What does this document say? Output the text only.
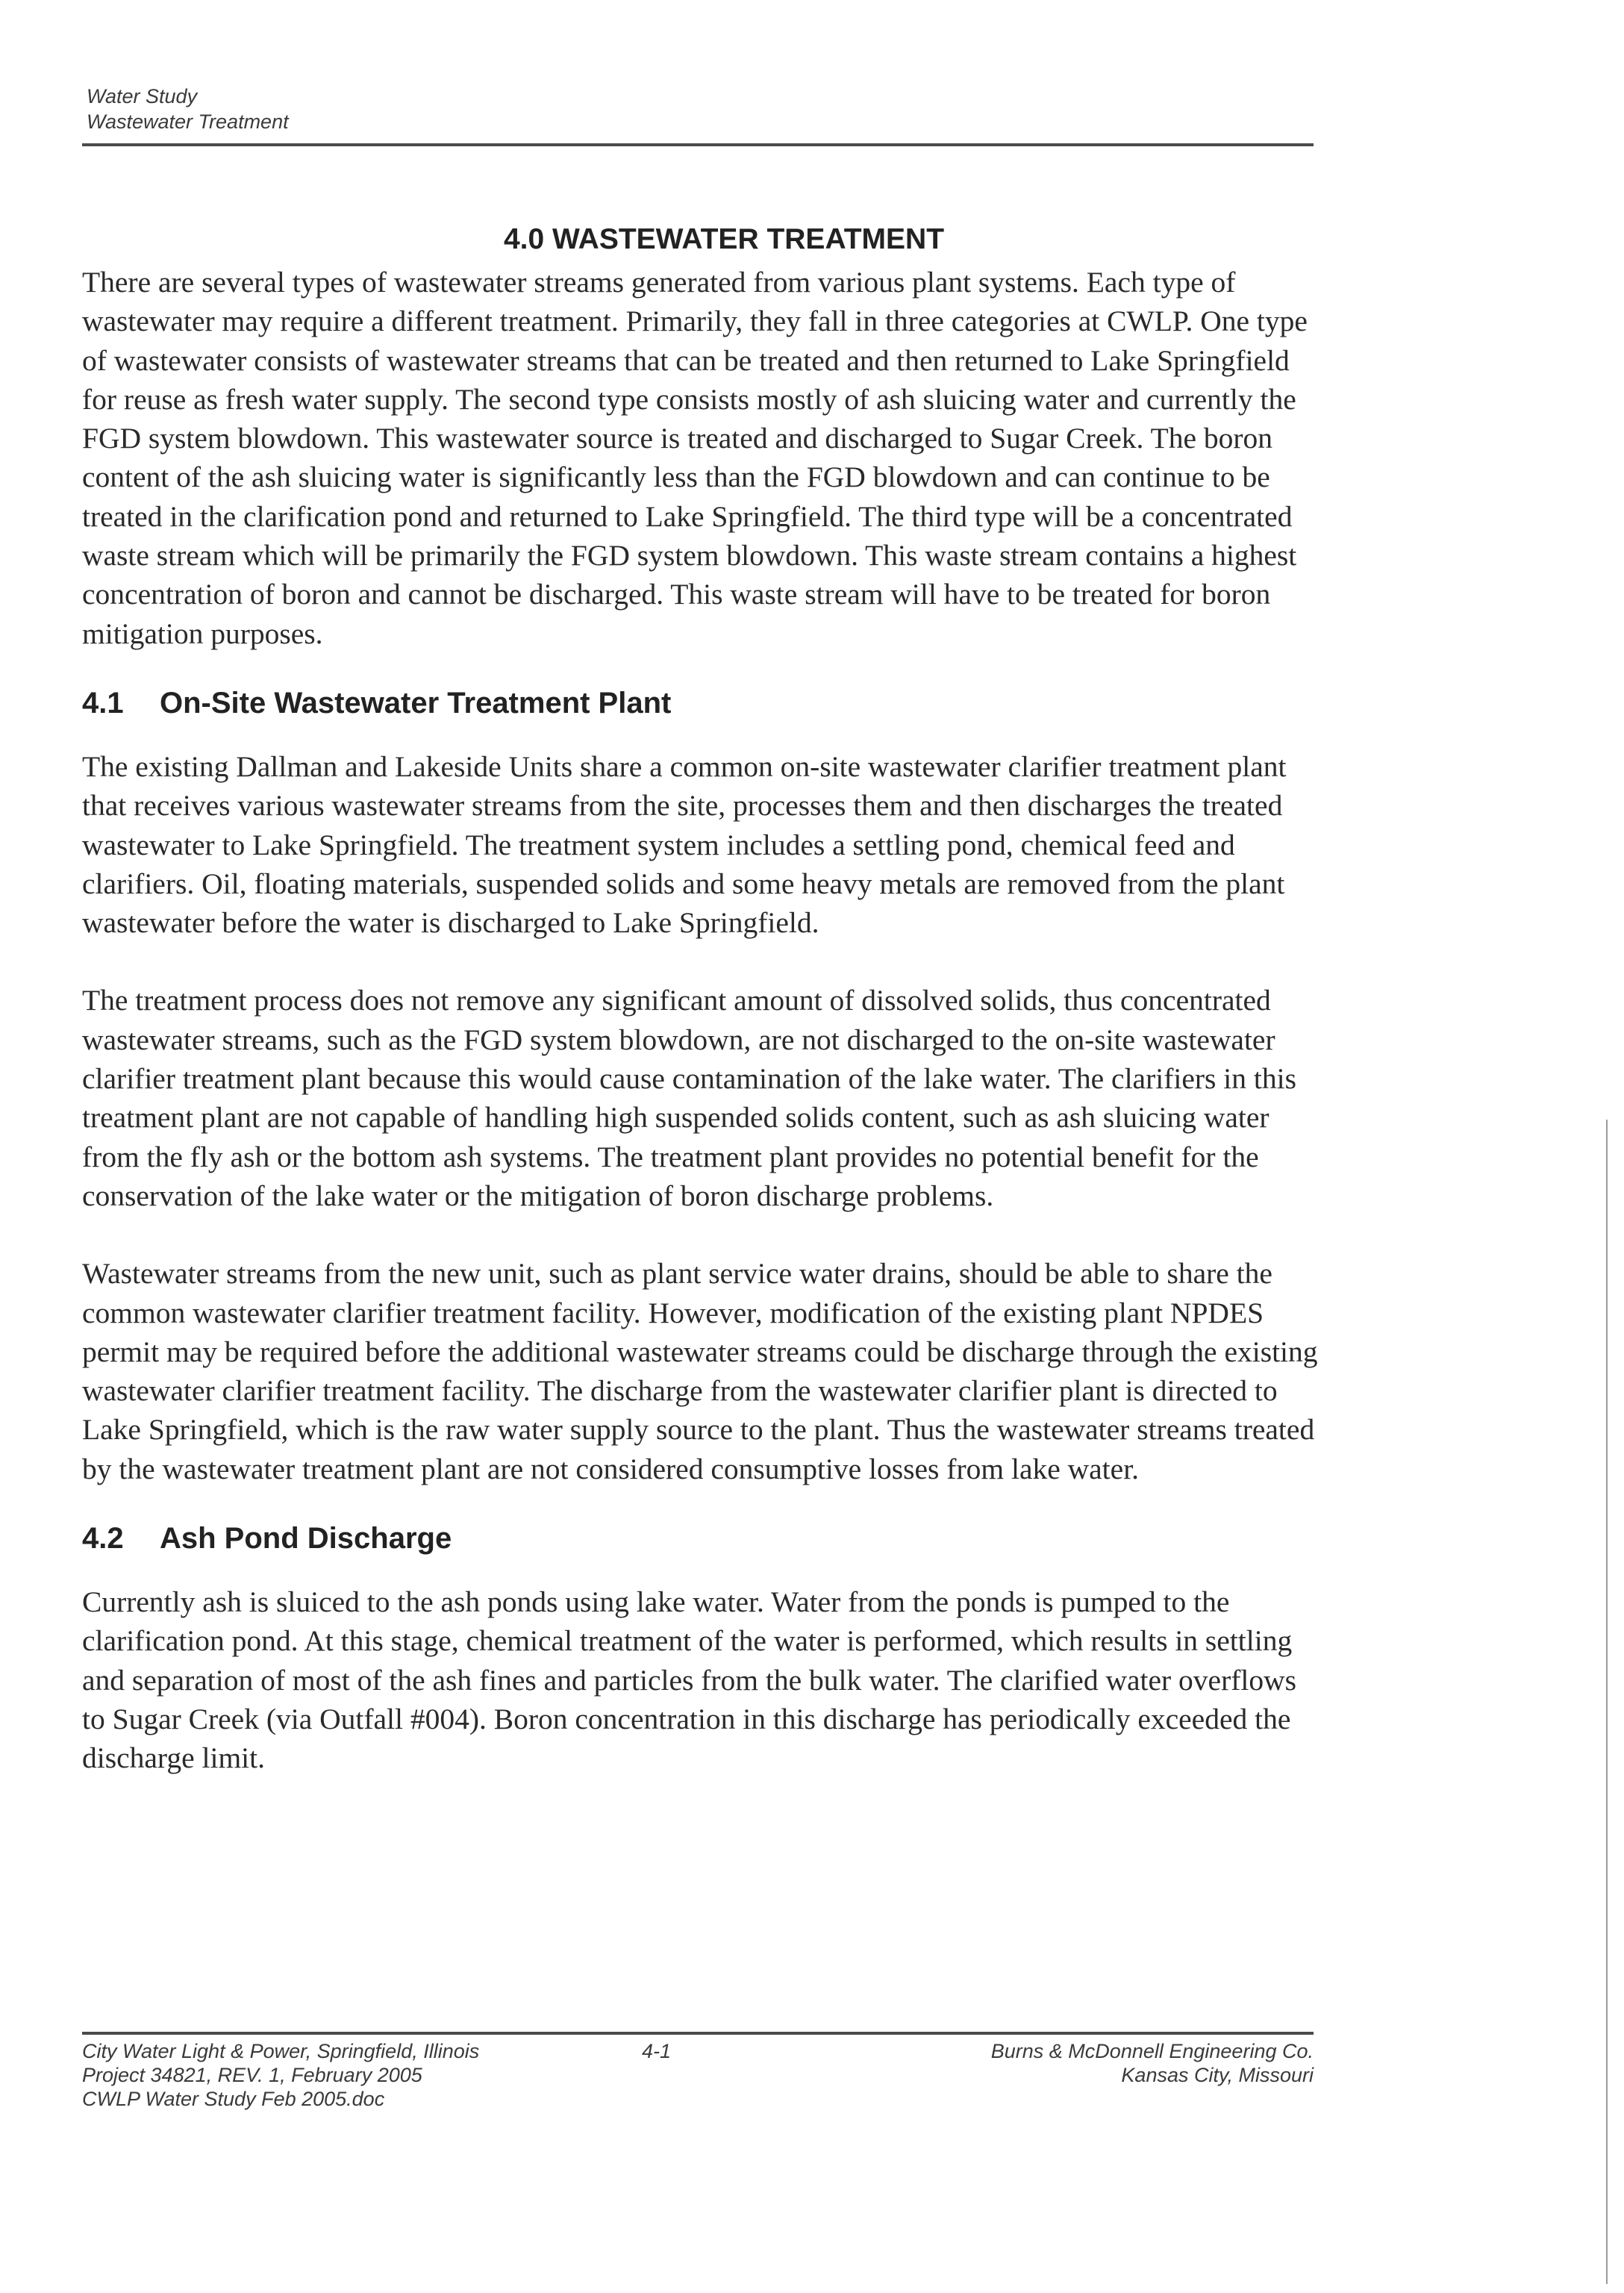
Water Study
Wastewater Treatment
4.0 WASTEWATER TREATMENT

There are several types of wastewater streams generated from various plant systems. Each type of wastewater may require a different treatment. Primarily, they fall in three categories at CWLP. One type of wastewater consists of wastewater streams that can be treated and then returned to Lake Springfield for reuse as fresh water supply. The second type consists mostly of ash sluicing water and currently the FGD system blowdown. This wastewater source is treated and discharged to Sugar Creek. The boron content of the ash sluicing water is significantly less than the FGD blowdown and can continue to be treated in the clarification pond and returned to Lake Springfield. The third type will be a concentrated waste stream which will be primarily the FGD system blowdown. This waste stream contains a highest concentration of boron and cannot be discharged. This waste stream will have to be treated for boron mitigation purposes.

4.1 On-Site Wastewater Treatment Plant

The existing Dallman and Lakeside Units share a common on-site wastewater clarifier treatment plant that receives various wastewater streams from the site, processes them and then discharges the treated wastewater to Lake Springfield. The treatment system includes a settling pond, chemical feed and clarifiers. Oil, floating materials, suspended solids and some heavy metals are removed from the plant wastewater before the water is discharged to Lake Springfield.

The treatment process does not remove any significant amount of dissolved solids, thus concentrated wastewater streams, such as the FGD system blowdown, are not discharged to the on-site wastewater clarifier treatment plant because this would cause contamination of the lake water. The clarifiers in this treatment plant are not capable of handling high suspended solids content, such as ash sluicing water from the fly ash or the bottom ash systems. The treatment plant provides no potential benefit for the conservation of the lake water or the mitigation of boron discharge problems.

Wastewater streams from the new unit, such as plant service water drains, should be able to share the common wastewater clarifier treatment facility. However, modification of the existing plant NPDES permit may be required before the additional wastewater streams could be discharge through the existing wastewater clarifier treatment facility. The discharge from the wastewater clarifier plant is directed to Lake Springfield, which is the raw water supply source to the plant. Thus the wastewater streams treated by the wastewater treatment plant are not considered consumptive losses from lake water.

4.2 Ash Pond Discharge

Currently ash is sluiced to the ash ponds using lake water. Water from the ponds is pumped to the clarification pond. At this stage, chemical treatment of the water is performed, which results in settling and separation of most of the ash fines and particles from the bulk water. The clarified water overflows to Sugar Creek (via Outfall #004). Boron concentration in this discharge has periodically exceeded the discharge limit.

City Water Light & Power, Springfield, Illinois
Project 34821, REV. 1, February 2005
CWLP Water Study Feb 2005.doc
4-1	Burns & McDonnell Engineering Co.
Kansas City, Missouri
